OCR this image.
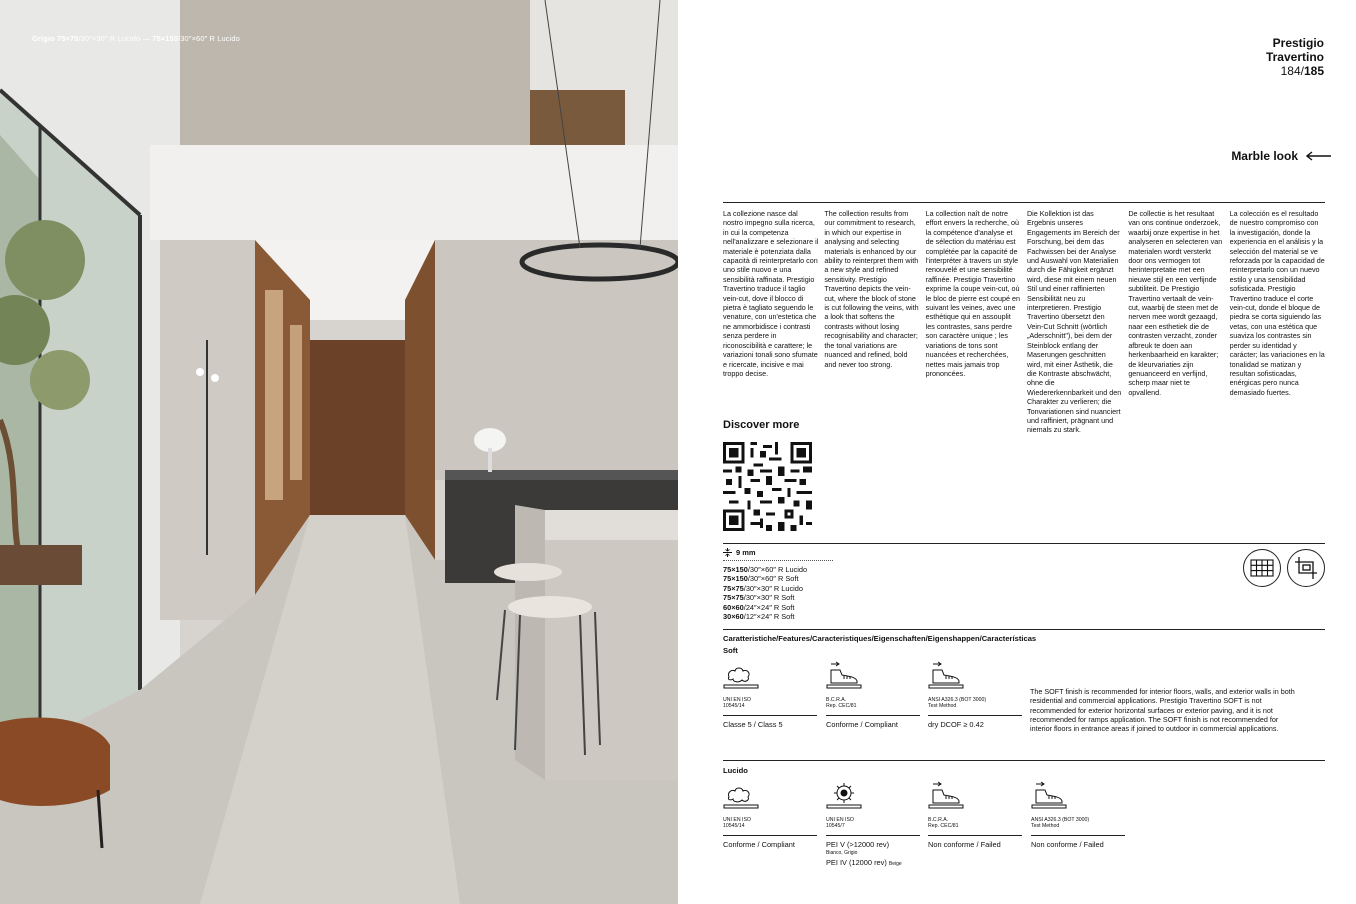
Grigio 75×75/30″×30″ R Lucido — 75×150/30″×60″ R Lucido	Prestigio
Travertino
184/185
Marble look

La collezione nasce dal nostro impegno sulla ricerca, in cui la competenza nell'analizzare e selezionare il materiale è potenziata dalla capacità di reinterpretarlo con uno stile nuovo e una sensibilità raffinata. Prestigio Travertino traduce il taglio vein-cut, dove il blocco di pietra è tagliato seguendo le venature, con un'estetica che ne ammorbidisce i contrasti senza perdere in riconoscibilità e carattere; le variazioni tonali sono sfumate e ricercate, incisive e mai troppo decise.

The collection results from our commitment to research, in which our expertise in analysing and selecting materials is enhanced by our ability to reinterpret them with a new style and refined sensitivity. Prestigio Travertino depicts the vein-cut, where the block of stone is cut following the veins, with a look that softens the contrasts without losing recognisability and character; the tonal variations are nuanced and refined, bold and never too strong.

La collection naît de notre effort envers la recherche, où la compétence d'analyse et de sélection du matériau est complétée par la capacité de l'interpréter à travers un style renouvelé et une sensibilité raffinée. Prestigio Travertino exprime la coupe vein-cut, où le bloc de pierre est coupé en suivant les veines, avec une esthétique qui en assouplit les contrastes, sans perdre son caractère unique ; les variations de tons sont nuancées et recherchées, nettes mais jamais trop prononcées.

Die Kollektion ist das Ergebnis unseres Engagements im Bereich der Forschung, bei dem das Fachwissen bei der Analyse und Auswahl von Materialien durch die Fähigkeit ergänzt wird, diese mit einem neuen Stil und einer raffinierten Sensibilität neu zu interpretieren. Prestigio Travertino übersetzt den Vein-Cut Schnitt (wörtlich „Aderschnitt"), bei dem der Steinblock entlang der Maserungen geschnitten wird, mit einer Ästhetik, die die Kontraste abschwächt, ohne die Wiedererkennbarkeit und den Charakter zu verlieren; die Tonvariationen sind nuanciert und raffiniert, prägnant und niemals zu stark.

De collectie is het resultaat van ons continue onderzoek, waarbij onze expertise in het analyseren en selecteren van materialen wordt versterkt door ons vermogen tot herinterpretatie met een nieuwe stijl en een verfijnde subtiliteit. De Prestigio Travertino vertaalt de vein-cut, waarbij de steen met de nerven mee wordt gezaagd, naar een esthetiek die de contrasten verzacht, zonder afbreuk te doen aan herkenbaarheid en karakter; de kleurvariaties zijn genuanceerd en verfijnd, scherp maar niet te opvallend.

La colección es el resultado de nuestro compromiso con la investigación, donde la experiencia en el análisis y la selección del material se ve reforzada por la capacidad de reinterpretarlo con un nuevo estilo y una sensibilidad sofisticada. Prestigio Travertino traduce el corte vein-cut, donde el bloque de piedra se corta siguiendo las vetas, con una estética que suaviza los contrastes sin perder su identidad y carácter; las variaciones en la tonalidad se matizan y resultan sofisticadas, enérgicas pero nunca demasiado fuertes.

Discover more
9 mm
75×150/30″×60″ R Lucido
75×150/30″×60″ R Soft
75×75/30″×30″ R Lucido
75×75/30″×30″ R Soft
60×60/24″×24″ R Soft
30×60/12″×24″ R Soft
Caratteristiche/Features/Caracteristiques/Eigenschaften/Eigenshappen/Características
Soft
UNI EN ISO
10545/14
Classe 5 / Class 5
B.C.R.A.
Rep. CEC/81
Conforme / Compliant
ANSI A326.3 (BOT 3000)
Test Method
dry DCOF ≥ 0.42
The SOFT finish is recommended for interior floors, walls, and exterior walls in both residential and commercial applications. Prestigio Travertino SOFT is not recommended for exterior horizontal surfaces or exterior paving, and it is not recommended for ramps application. The SOFT finish is not recommended for interior floors in entrance areas if joined to outdoor in commercial applications.
Lucido
UNI EN ISO
10545/14
Conforme / Compliant
UNI EN ISO
10545/7
PEI V (>12000 rev)
Bianco, Grigio
PEI IV (12000 rev) Beige
B.C.R.A.
Rep. CEC/81
Non conforme / Failed
ANSI A326.3 (BOT 3000)
Test Method
Non conforme / Failed
